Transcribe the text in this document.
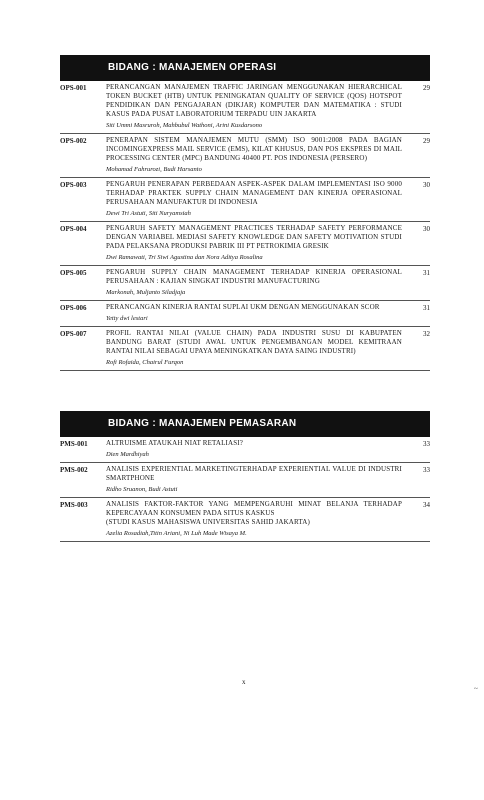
BIDANG : MANAJEMEN OPERASI
OPS-001	PERANCANGAN MANAJEMEN TRAFFIC JARINGAN MENGGUNAKAN HIERARCHICAL TOKEN BUCKET (HTB) UNTUK PENINGKATAN QUALITY OF SERVICE (QOS) HOTSPOT PENDIDIKAN DAN PENGAJARAN (DIKJAR) KOMPUTER DAN MATEMATIKA : STUDI KASUS PADA PUSAT LABORATORIUM TERPADU UIN JAKARTA
Siti Ummi Masruroh, Mahbubul Wathoni, Arini Kusdarsono
29
OPS-002	PENERAPAN SISTEM MANAJEMEN MUTU (SMM) ISO 9001:2008 PADA BAGIAN INCOMINGEXPRESS MAIL SERVICE (EMS), KILAT KHUSUS, DAN POS EKSPRES DI MAIL PROCESSING CENTER (MPC) BANDUNG 40400 PT. POS INDONESIA (PERSERO)
Mohamad Fahrurozi, Budi Harsanto
29
OPS-003	PENGARUH PENERAPAN PERBEDAAN ASPEK-ASPEK DALAM IMPLEMENTASI ISO 9000 TERHADAP PRAKTEK SUPPLY CHAIN MANAGEMENT DAN KINERJA OPERASIONAL PERUSAHAAN MANUFAKTUR DI INDONESIA
Dewi Tri Astuti, Siti Nuryamsiah
30
OPS-004	PENGARUH SAFETY MANAGEMENT PRACTICES TERHADAP SAFETY PERFORMANCE DENGAN VARIABEL MEDIASI SAFETY KNOWLEDGE DAN SAFETY MOTIVATION STUDI PADA PELAKSANA PRODUKSI PABRIK III PT PETROKIMIA GRESIK
Dwi Ramawati, Tri Siwi Agustina dan Nora Aditya Rosalina
30
OPS-005	PENGARUH SUPPLY CHAIN MANAGEMENT TERHADAP KINERJA OPERASIONAL PERUSAHAAN : KAJIAN SINGKAT INDUSTRI MANUFACTURING
Markonah, Muljanto Siladjaja
31
OPS-006	PERANCANGAN KINERJA RANTAI SUPLAI UKM DENGAN MENGGUNAKAN SCOR
Yetty dwi lestari
31
OPS-007	PROFIL RANTAI NILAI (VALUE CHAIN) PADA INDUSTRI SUSU DI KABUPATEN BANDUNG BARAT (STUDI AWAL UNTUK PENGEMBANGAN MODEL KEMITRAAN RANTAI NILAI SEBAGAI UPAYA MENINGKATKAN DAYA SAING INDUSTRI)
Rofi Rofaida, Chairul Furqon
32
BIDANG : MANAJEMEN PEMASARAN
PMS-001	ALTRUISME ATAUKAH NIAT RETALIASI?
Dien Mardhiyah
33
PMS-002	ANALISIS EXPERIENTIAL MARKETINGTERHADAP EXPERIENTIAL VALUE DI INDUSTRI SMARTPHONE
Ridho Sruanon, Budi Astuti
33
PMS-003	ANALISIS FAKTOR-FAKTOR YANG MEMPENGARUHI MINAT BELANJA TERHADAP KEPERCAYAAN KONSUMEN PADA SITUS KASKUS
(STUDI KASUS MAHASISWA UNIVERSITAS SAHID JAKARTA)
Azelia Rosadiah,Titin Ariani, Ni Luh Made Wisaya M.
34
x
~
